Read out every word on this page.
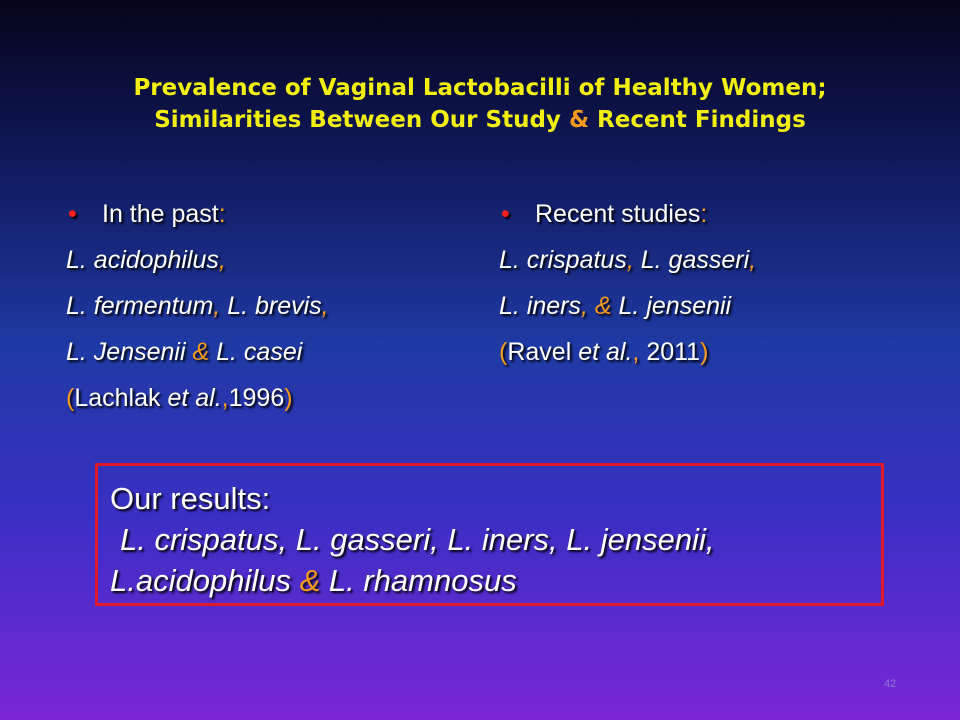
Prevalence of Vaginal Lactobacilli of Healthy Women;
Similarities Between Our Study & Recent Findings
• In the past:
L. acidophilus,
L. fermentum, L. brevis,
L. Jensenii & L. casei
(Lachlak et al.,1996)
• Recent studies:
L. crispatus, L. gasseri,
L. iners, & L. jensenii
(Ravel et al., 2011)
Our results:
L. crispatus, L. gasseri, L. iners, L. jensenii,
L.acidophilus & L. rhamnosus
42
